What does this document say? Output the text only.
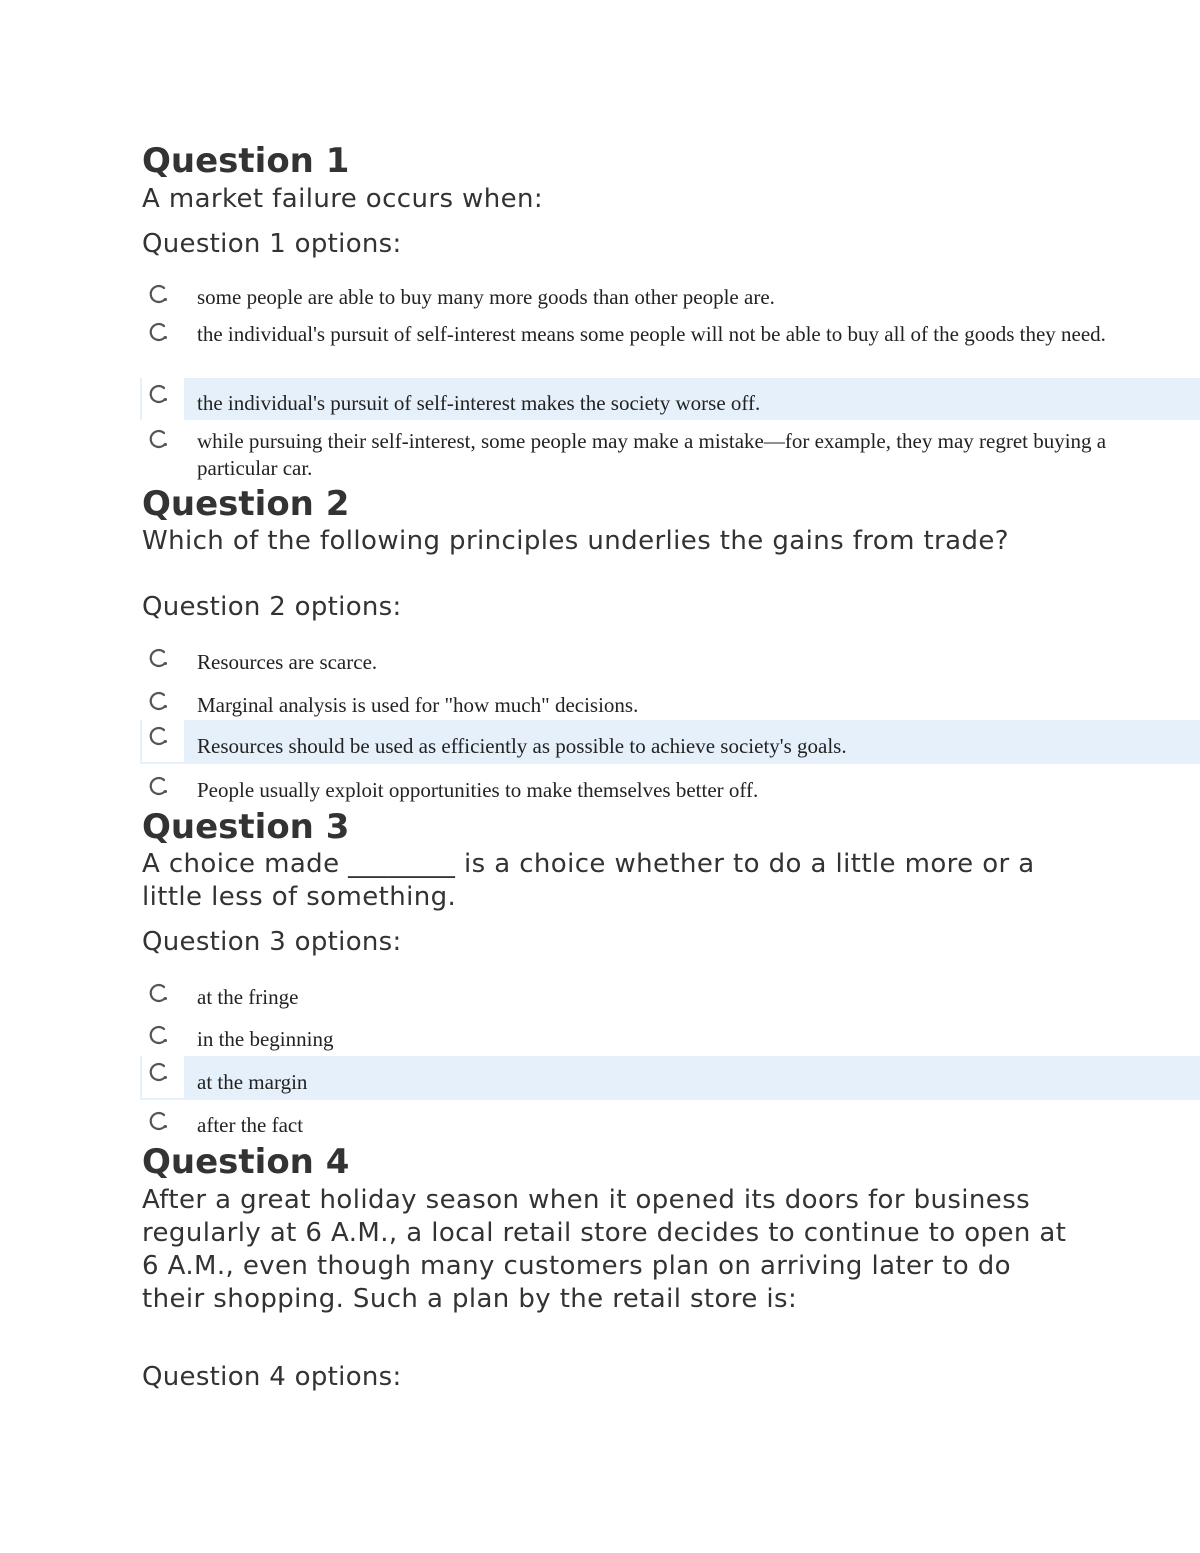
Question 1
A market failure occurs when:
Question 1 options:
some people are able to buy many more goods than other people are.
the individual's pursuit of self-interest means some people will not be able to buy all of the goods they need.
the individual's pursuit of self-interest makes the society worse off.
while pursuing their self-interest, some people may make a mistake—for example, they may regret buying a particular car.
Question 2
Which of the following principles underlies the gains from trade?
Question 2 options:
Resources are scarce.
Marginal analysis is used for "how much" decisions.
Resources should be used as efficiently as possible to achieve society's goals.
People usually exploit opportunities to make themselves better off.
Question 3
A choice made ________ is a choice whether to do a little more or a little less of something.
Question 3 options:
at the fringe
in the beginning
at the margin
after the fact
Question 4
After a great holiday season when it opened its doors for business regularly at 6 A.M., a local retail store decides to continue to open at 6 A.M., even though many customers plan on arriving later to do their shopping. Such a plan by the retail store is:
Question 4 options:
